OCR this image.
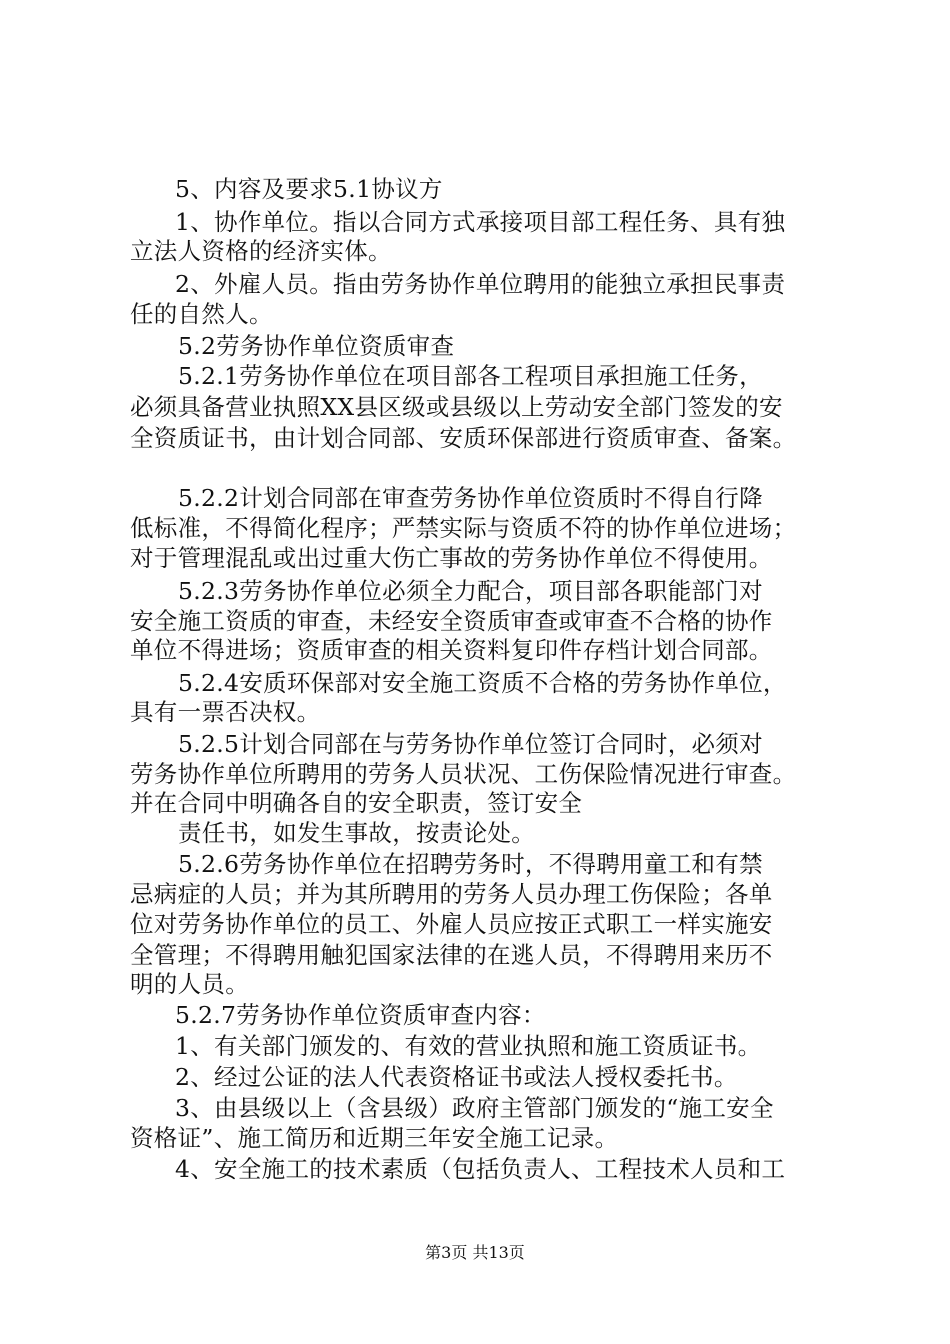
5、内容及要求5.1协议方
1、协作单位。指以合同方式承接项目部工程任务、具有独
立法人资格的经济实体。
2、外雇人员。指由劳务协作单位聘用的能独立承担民事责
任的自然人。
5.2劳务协作单位资质审查
5.2.1劳务协作单位在项目部各工程项目承担施工任务，
必须具备营业执照XX县区级或县级以上劳动安全部门签发的安
全资质证书，由计划合同部、安质环保部进行资质审查、备案。
5.2.2计划合同部在审查劳务协作单位资质时不得自行降
低标准，不得简化程序；严禁实际与资质不符的协作单位进场；
对于管理混乱或出过重大伤亡事故的劳务协作单位不得使用。
5.2.3劳务协作单位必须全力配合，项目部各职能部门对
安全施工资质的审查，未经安全资质审查或审查不合格的协作
单位不得进场；资质审查的相关资料复印件存档计划合同部。
5.2.4安质环保部对安全施工资质不合格的劳务协作单位，
具有一票否决权。
5.2.5计划合同部在与劳务协作单位签订合同时，必须对
劳务协作单位所聘用的劳务人员状况、工伤保险情况进行审查。
并在合同中明确各自的安全职责，签订安全
责任书，如发生事故，按责论处。
5.2.6劳务协作单位在招聘劳务时，不得聘用童工和有禁
忌病症的人员；并为其所聘用的劳务人员办理工伤保险；各单
位对劳务协作单位的员工、外雇人员应按正式职工一样实施安
全管理；不得聘用触犯国家法律的在逃人员，不得聘用来历不
明的人员。
5.2.7劳务协作单位资质审查内容：
1、有关部门颁发的、有效的营业执照和施工资质证书。
2、经过公证的法人代表资格证书或法人授权委托书。
3、由县级以上（含县级）政府主管部门颁发的“施工安全
资格证”、施工简历和近期三年安全施工记录。
4、安全施工的技术素质（包括负责人、工程技术人员和工
第3页 共13页
